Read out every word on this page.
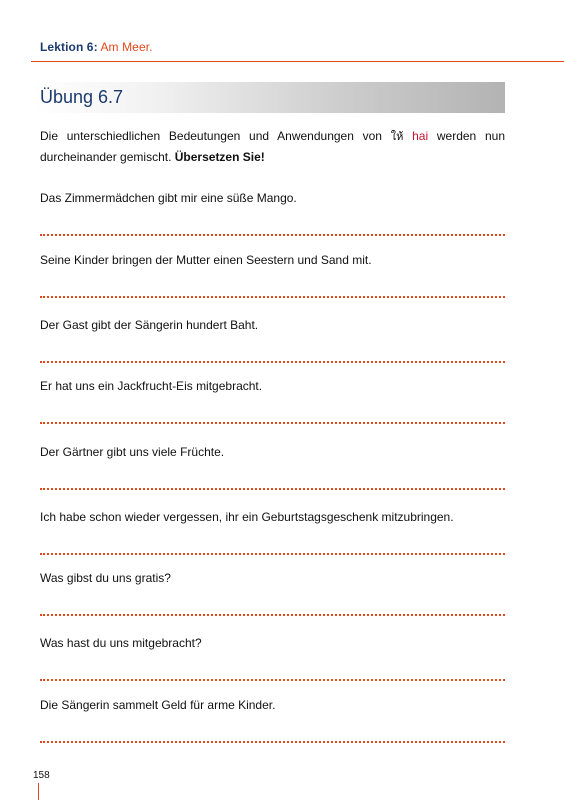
Lektion 6: Am Meer.
Übung 6.7
Die unterschiedlichen Bedeutungen und Anwendungen von ให้ hai werden nun durcheinander gemischt. Übersetzen Sie!
Das Zimmermädchen gibt mir eine süße Mango.
Seine Kinder bringen der Mutter einen Seestern und Sand mit.
Der Gast gibt der Sängerin hundert Baht.
Er hat uns ein Jackfrucht-Eis mitgebracht.
Der Gärtner gibt uns viele Früchte.
Ich habe schon wieder vergessen, ihr ein Geburtstagsgeschenk mitzubringen.
Was gibst du uns gratis?
Was hast du uns mitgebracht?
Die Sängerin sammelt Geld für arme Kinder.
158
